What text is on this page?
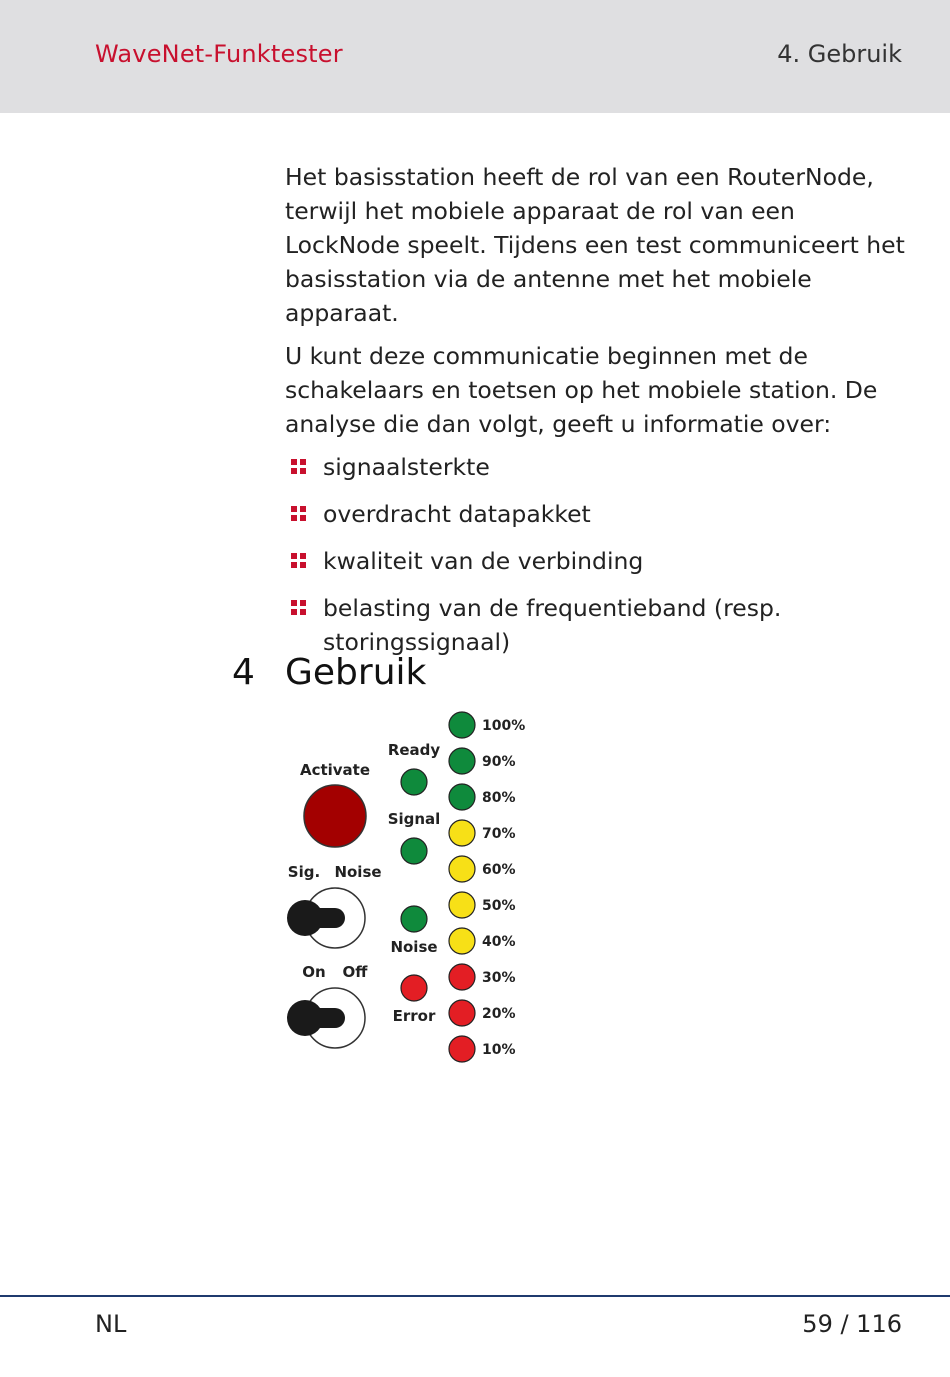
WaveNet-Funktester	4. Gebruik

Het basisstation heeft de rol van een RouterNode, terwijl het mobiele apparaat de rol van een LockNode speelt. Tijdens een test communiceert het basisstation via de antenne met het mobiele apparaat.

U kunt deze communicatie beginnen met de schakelaars en toetsen op het mobiele station. De analyse die dan volgt, geeft u informatie over:

signaalsterkte
overdracht datapakket
kwaliteit van de verbinding
belasting van de frequentieband (resp. storingssignaal)
4 Gebruik
Activate
Sig. Noise
On Off
Ready
Signal
Noise
Error
100%
90%
80%
70%
60%
50%
40%
30%
20%
10%
NL	59 / 116
